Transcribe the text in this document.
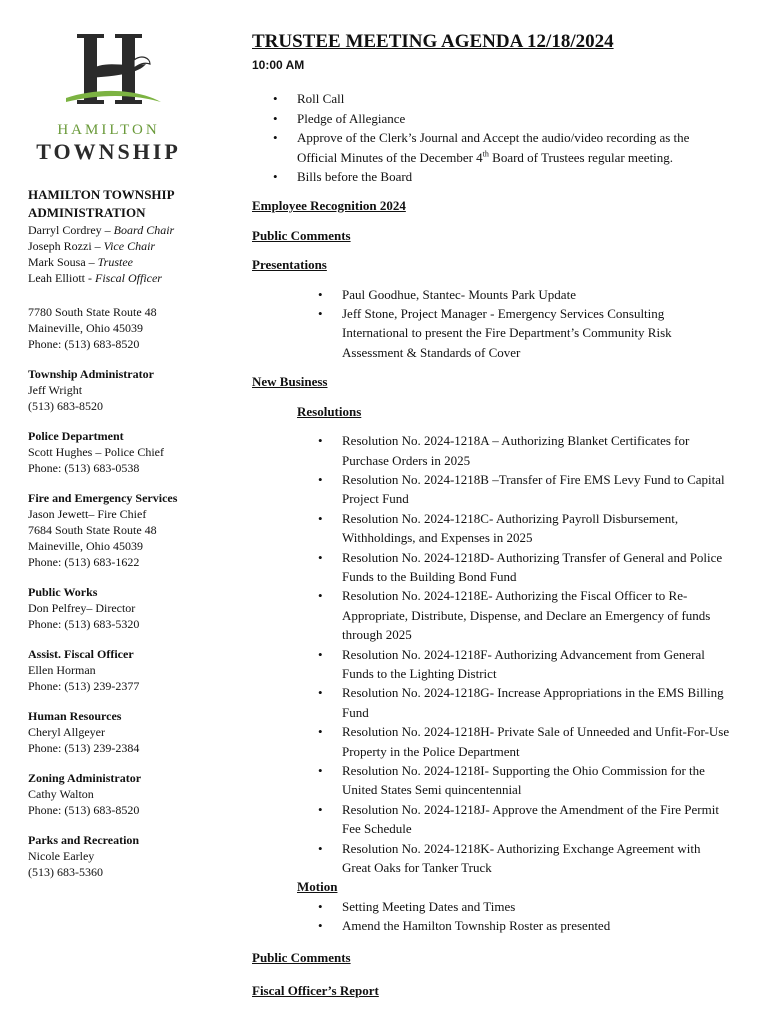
HAMILTON
TOWNSHIP
HAMILTON TOWNSHIP ADMINISTRATION
Darryl Cordrey – Board Chair
Joseph Rozzi – Vice Chair
Mark Sousa – Trustee
Leah Elliott - Fiscal Officer
7780 South State Route 48
Maineville, Ohio 45039
Phone: (513) 683-8520
Township Administrator
Jeff Wright
(513) 683-8520
Police Department
Scott Hughes – Police Chief
Phone: (513) 683-0538
Fire and Emergency Services
Jason Jewett– Fire Chief
7684 South State Route 48
Maineville, Ohio 45039
Phone: (513) 683-1622
Public Works
Don Pelfrey– Director
Phone: (513) 683-5320
Assist. Fiscal Officer
Ellen Horman
Phone: (513) 239-2377
Human Resources
Cheryl Allgeyer
Phone: (513) 239-2384
Zoning Administrator
Cathy Walton
Phone: (513) 683-8520
Parks and Recreation
Nicole Earley
(513) 683-5360
TRUSTEE MEETING AGENDA 12/18/2024
10:00 AM
• Roll Call
• Pledge of Allegiance
• Approve of the Clerk’s Journal and Accept the audio/video recording as the Official Minutes of the December 4th Board of Trustees regular meeting.
• Bills before the Board
Employee Recognition 2024
Public Comments
Presentations
• Paul Goodhue, Stantec- Mounts Park Update
• Jeff Stone, Project Manager - Emergency Services Consulting International to present the Fire Department’s Community Risk Assessment & Standards of Cover
New Business
Resolutions
• Resolution No. 2024-1218A – Authorizing Blanket Certificates for Purchase Orders in 2025
• Resolution No. 2024-1218B –Transfer of Fire EMS Levy Fund to Capital Project Fund
• Resolution No. 2024-1218C- Authorizing Payroll Disbursement, Withholdings, and Expenses in 2025
• Resolution No. 2024-1218D- Authorizing Transfer of General and Police Funds to the Building Bond Fund
• Resolution No. 2024-1218E- Authorizing the Fiscal Officer to Re-Appropriate, Distribute, Dispense, and Declare an Emergency of funds through 2025
• Resolution No. 2024-1218F- Authorizing Advancement from General Funds to the Lighting District
• Resolution No. 2024-1218G- Increase Appropriations in the EMS Billing Fund
• Resolution No. 2024-1218H- Private Sale of Unneeded and Unfit-For-Use Property in the Police Department
• Resolution No. 2024-1218I- Supporting the Ohio Commission for the United States Semi quincentennial
• Resolution No. 2024-1218J- Approve the Amendment of the Fire Permit Fee Schedule
• Resolution No. 2024-1218K- Authorizing Exchange Agreement with Great Oaks for Tanker Truck
Motion
• Setting Meeting Dates and Times
• Amend the Hamilton Township Roster as presented
Public Comments
Fiscal Officer’s Report
